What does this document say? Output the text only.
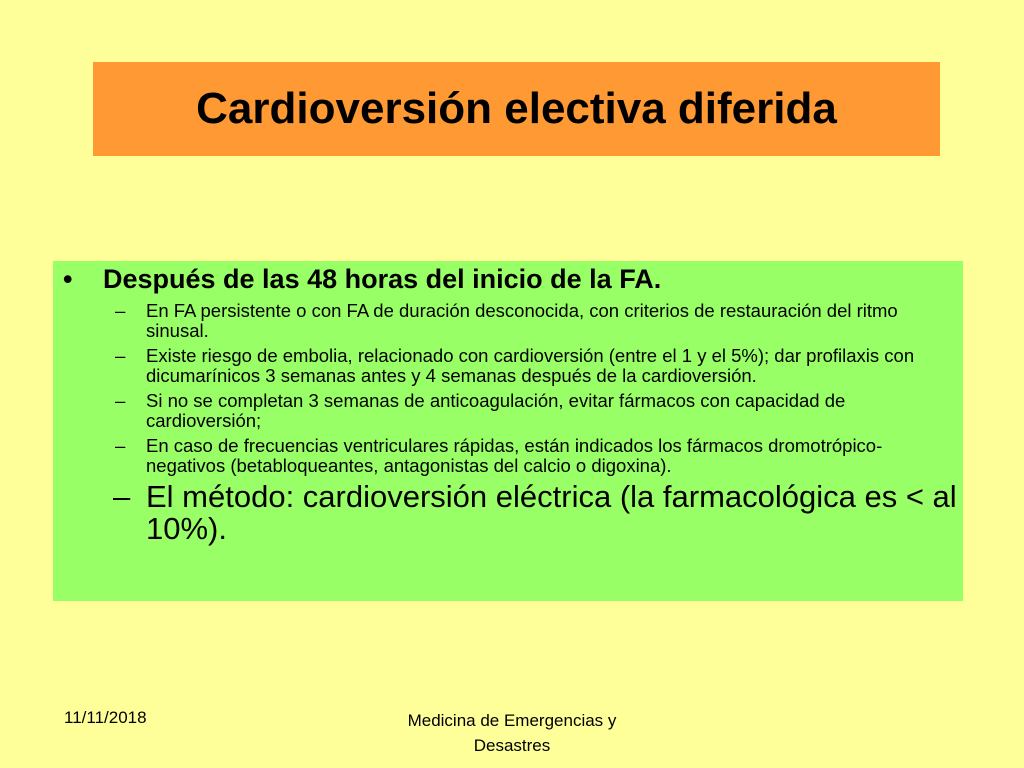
Cardioversión electiva diferida
• Después de las 48 horas del inicio de la FA.
– En FA persistente o con FA de duración desconocida, con criterios de restauración del ritmo sinusal.
– Existe riesgo de embolia, relacionado con cardioversión (entre el 1 y el 5%); dar profilaxis con dicumarínicos 3 semanas antes y 4 semanas después de la cardioversión.
– Si no se completan 3 semanas de anticoagulación, evitar fármacos con capacidad de cardioversión;
– En caso de frecuencias ventriculares rápidas, están indicados los fármacos dromotrópico-negativos (betabloqueantes, antagonistas del calcio o digoxina).
– El método: cardioversión eléctrica (la farmacológica es < al 10%).
11/11/2018	Medicina de Emergencias y Desastres
